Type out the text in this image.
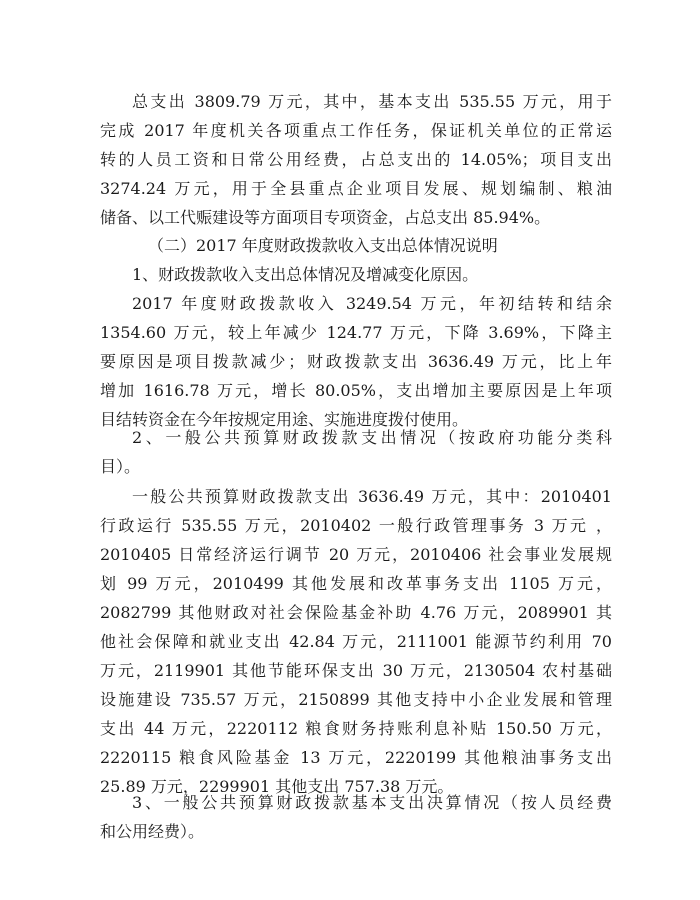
总支出 3809.79 万元，其中，基本支出 535.55 万元，用于
完成 2017 年度机关各项重点工作任务，保证机关单位的正常运
转的人员工资和日常公用经费，占总支出的 14.05%；项目支出
3274.24 万元，用于全县重点企业项目发展、规划编制、粮油
储备、以工代赈建设等方面项目专项资金，占总支出 85.94%。

（二）2017 年度财政拨款收入支出总体情况说明

1、财政拨款收入支出总体情况及增减变化原因。

2017 年度财政拨款收入 3249.54 万元，年初结转和结余
1354.60 万元，较上年减少 124.77 万元，下降 3.69%，下降主
要原因是项目拨款减少；财政拨款支出 3636.49 万元，比上年
增加 1616.78 万元，增长 80.05%，支出增加主要原因是上年项
目结转资金在今年按规定用途、实施进度拨付使用。
2、一般公共预算财政拨款支出情况（按政府功能分类科
目）。
一般公共预算财政拨款支出 3636.49 万元，其中：2010401
行政运行 535.55 万元，2010402 一般行政管理事务 3 万元 ，
2010405 日常经济运行调节 20 万元，2010406 社会事业发展规
划 99 万元，2010499 其他发展和改革事务支出 1105 万元，
2082799 其他财政对社会保险基金补助 4.76 万元，2089901 其
他社会保障和就业支出 42.84 万元，2111001 能源节约利用 70
万元，2119901 其他节能环保支出 30 万元，2130504 农村基础
设施建设 735.57 万元，2150899 其他支持中小企业发展和管理
支出 44 万元，2220112 粮食财务持账利息补贴 150.50 万元，
2220115 粮食风险基金 13 万元，2220199 其他粮油事务支出
25.89 万元，2299901 其他支出 757.38 万元。
3、一般公共预算财政拨款基本支出决算情况（按人员经费
和公用经费）。
